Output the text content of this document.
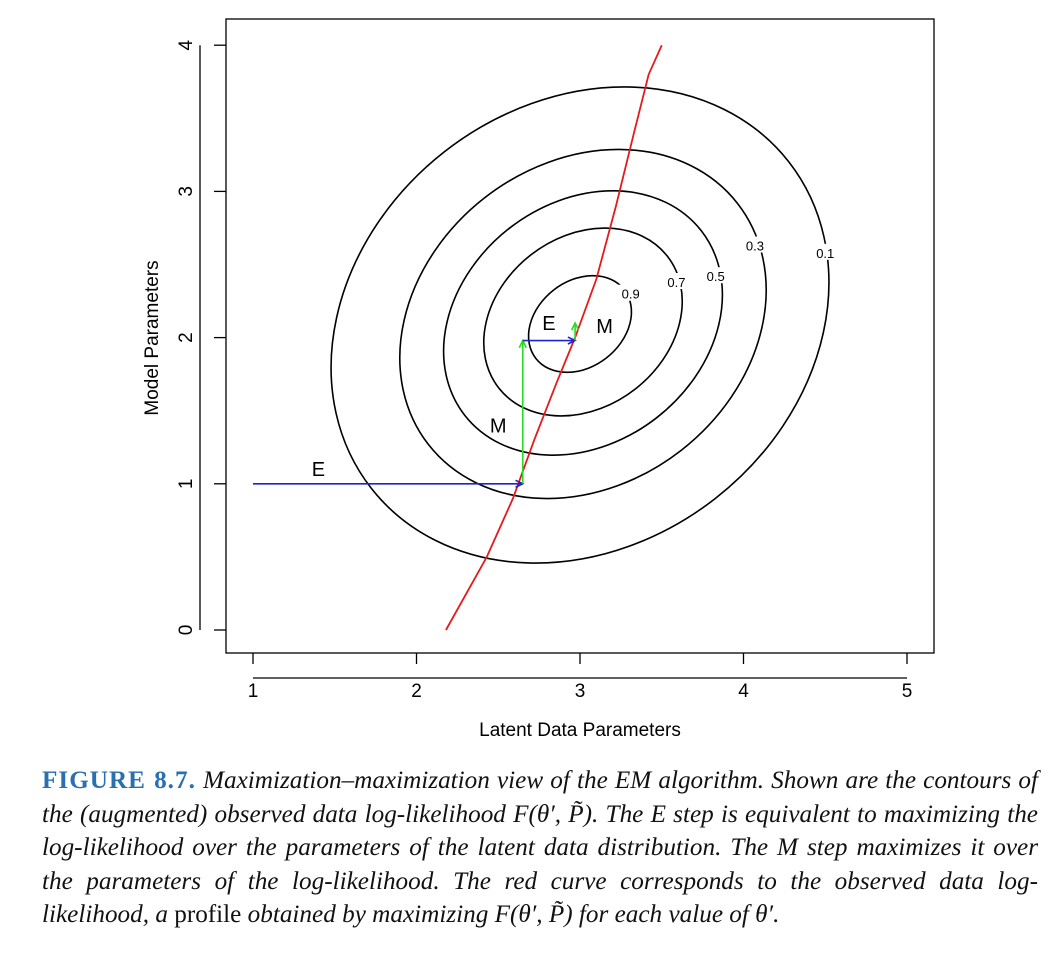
0.1
0.3
0.5
0.7
0.9
E
M
E M
1	2	3	4	5
0
1
2
3
4
Latent Data Parameters
Model Parameters
FIGURE 8.7. Maximization–maximization view of the EM algorithm. Shown are the contours of the (augmented) observed data log-likelihood F(θ′, P̃). The E step is equivalent to maximizing the log-likelihood over the parameters of the latent data distribution. The M step maximizes it over the parameters of the log-likelihood. The red curve corresponds to the observed data log-likelihood, a profile obtained by maximizing F(θ′, P̃) for each value of θ′.
